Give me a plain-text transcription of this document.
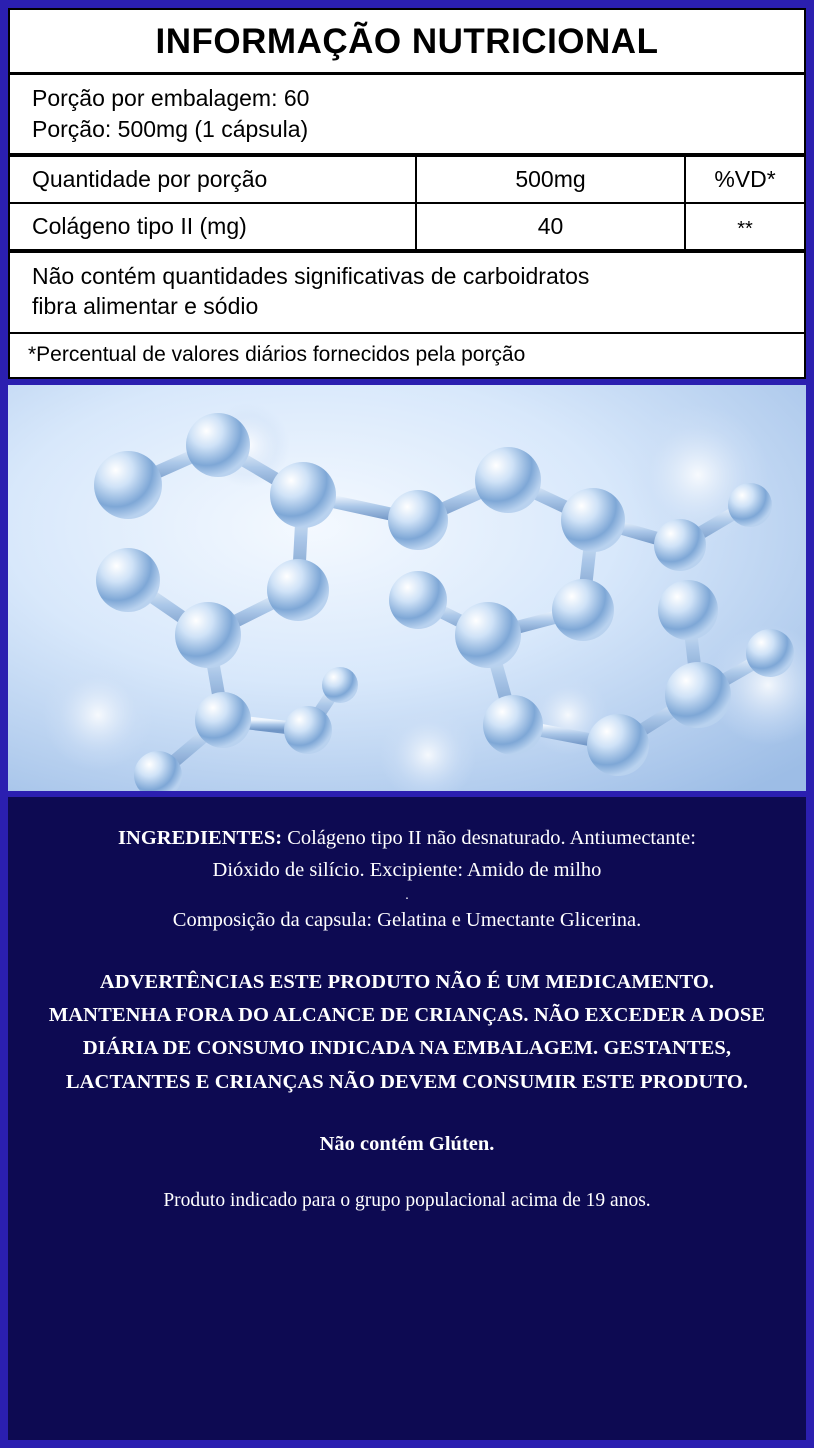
INFORMAÇÃO NUTRICIONAL
Porção por embalagem: 60
Porção: 500mg (1 cápsula)
Quantidade por porção	500mg	%VD*
Colágeno tipo II (mg)	40	**
Não contém quantidades significativas de carboidratos
fibra alimentar e sódio
*Percentual de valores diários fornecidos pela porção
INGREDIENTES: Colágeno tipo II não desnaturado. Antiumectante:
Dióxido de silício. Excipiente: Amido de milho
.
Composição da capsula: Gelatina e Umectante Glicerina.
ADVERTÊNCIAS ESTE PRODUTO NÃO É UM MEDICAMENTO. MANTENHA FORA DO ALCANCE DE CRIANÇAS. NÃO EXCEDER A DOSE DIÁRIA DE CONSUMO INDICADA NA EMBALAGEM. GESTANTES, LACTANTES E CRIANÇAS NÃO DEVEM CONSUMIR ESTE PRODUTO.
Não contém Glúten.
Produto indicado para o grupo populacional acima de 19 anos.
